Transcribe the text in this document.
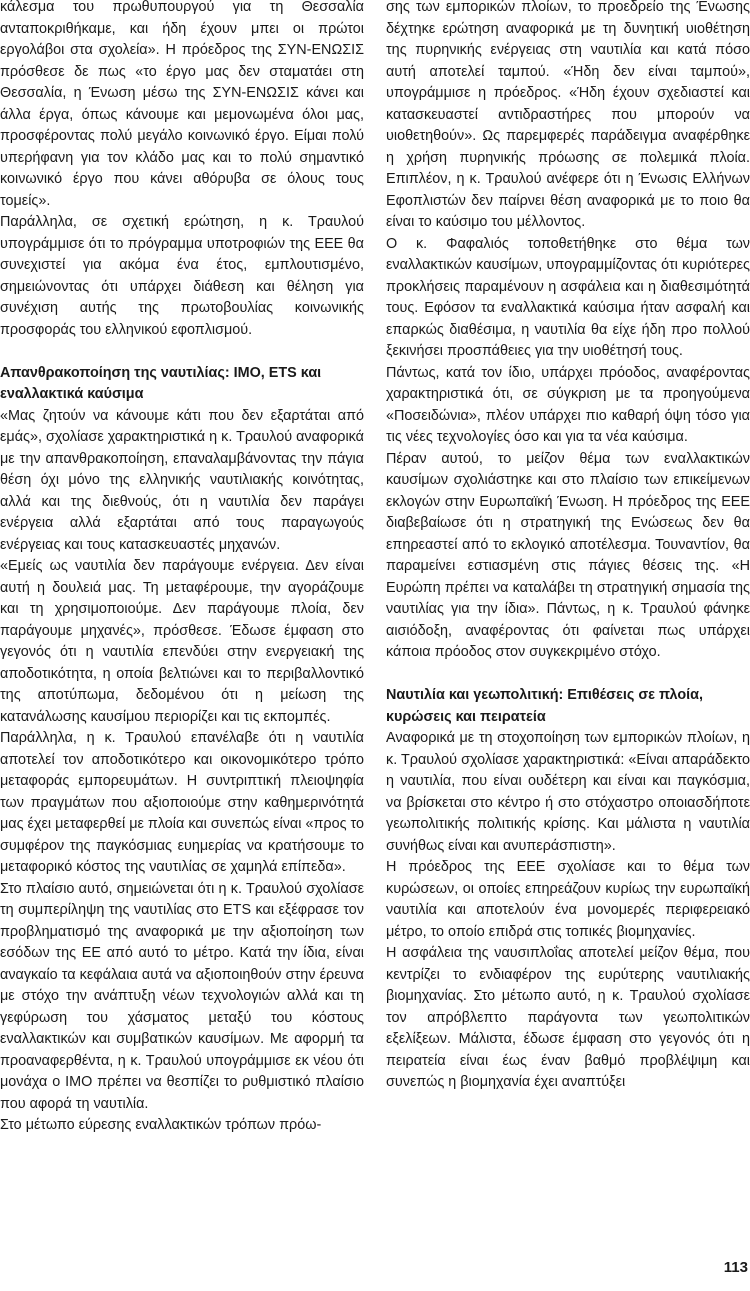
κάλεσμα του πρωθυπουργού για τη Θεσσαλία ανταποκριθήκαμε, και ήδη έχουν μπει οι πρώτοι εργολάβοι στα σχολεία». Η πρόεδρος της ΣΥΝ-ΕΝΩΣΙΣ πρόσθεσε δε πως «το έργο μας δεν σταματάει στη Θεσσαλία, η Ένωση μέσω της ΣΥΝ-ΕΝΩΣΙΣ κάνει και άλλα έργα, όπως κάνουμε και μεμονωμένα όλοι μας, προσφέροντας πολύ μεγάλο κοινωνικό έργο. Είμαι πολύ υπερήφανη για τον κλάδο μας και το πολύ σημαντικό κοινωνικό έργο που κάνει αθόρυβα σε όλους τους τομείς».

Παράλληλα, σε σχετική ερώτηση, η κ. Τραυλού υπογράμμισε ότι το πρόγραμμα υποτροφιών της ΕΕΕ θα συνεχιστεί για ακόμα ένα έτος, εμπλουτισμένο, σημειώνοντας ότι υπάρχει διάθεση και θέληση για συνέχιση αυτής της πρωτοβουλίας κοινωνικής προσφοράς του ελληνικού εφοπλισμού.

Απανθρακοποίηση της ναυτιλίας: IMO, ETS και εναλλακτικά καύσιμα

«Μας ζητούν να κάνουμε κάτι που δεν εξαρτάται από εμάς», σχολίασε χαρακτηριστικά η κ. Τραυλού αναφορικά με την απανθρακοποίηση, επαναλαμβάνοντας την πάγια θέση όχι μόνο της ελληνικής ναυτιλιακής κοινότητας, αλλά και της διεθνούς, ότι η ναυτιλία δεν παράγει ενέργεια αλλά εξαρτάται από τους παραγωγούς ενέργειας και τους κατασκευαστές μηχανών.

«Εμείς ως ναυτιλία δεν παράγουμε ενέργεια. Δεν είναι αυτή η δουλειά μας. Τη μεταφέρουμε, την αγοράζουμε και τη χρησιμοποιούμε. Δεν παράγουμε πλοία, δεν παράγουμε μηχανές», πρόσθεσε. Έδωσε έμφαση στο γεγονός ότι η ναυτιλία επενδύει στην ενεργειακή της αποδοτικότητα, η οποία βελτιώνει και το περιβαλλοντικό της αποτύπωμα, δεδομένου ότι η μείωση της κατανάλωσης καυσίμου περιορίζει και τις εκπομπές.

Παράλληλα, η κ. Τραυλού επανέλαβε ότι η ναυτιλία αποτελεί τον αποδοτικότερο και οικονομικότερο τρόπο μεταφοράς εμπορευμάτων. Η συντριπτική πλειοψηφία των πραγμάτων που αξιοποιούμε στην καθημερινότητά μας έχει μεταφερθεί με πλοία και συνεπώς είναι «προς το συμφέρον της παγκόσμιας ευημερίας να κρατήσουμε το μεταφορικό κόστος της ναυτιλίας σε χαμηλά επίπεδα».

Στο πλαίσιο αυτό, σημειώνεται ότι η κ. Τραυλού σχολίασε τη συμπερίληψη της ναυτιλίας στο ETS και εξέφρασε τον προβληματισμό της αναφορικά με την αξιοποίηση των εσόδων της ΕΕ από αυτό το μέτρο. Κατά την ίδια, είναι αναγκαίο τα κεφάλαια αυτά να αξιοποιηθούν στην έρευνα με στόχο την ανάπτυξη νέων τεχνολογιών αλλά και τη γεφύρωση του χάσματος μεταξύ του κόστους εναλλακτικών και συμβατικών καυσίμων. Με αφορμή τα προαναφερθέντα, η κ. Τραυλού υπογράμμισε εκ νέου ότι μονάχα ο ΙΜΟ πρέπει να θεσπίζει το ρυθμιστικό πλαίσιο που αφορά τη ναυτιλία.

Στο μέτωπο εύρεσης εναλλακτικών τρόπων πρόω-

σης των εμπορικών πλοίων, το προεδρείο της Ένωσης δέχτηκε ερώτηση αναφορικά με τη δυνητική υιοθέτηση της πυρηνικής ενέργειας στη ναυτιλία και κατά πόσο αυτή αποτελεί ταμπού. «Ήδη δεν είναι ταμπού», υπογράμμισε η πρόεδρος. «Ήδη έχουν σχεδιαστεί και κατασκευαστεί αντιδραστήρες που μπορούν να υιοθετηθούν». Ως παρεμφερές παράδειγμα αναφέρθηκε η χρήση πυρηνικής πρόωσης σε πολεμικά πλοία. Επιπλέον, η κ. Τραυλού ανέφερε ότι η Ένωσις Ελλήνων Εφοπλιστών δεν παίρνει θέση αναφορικά με το ποιο θα είναι το καύσιμο του μέλλοντος.

Ο κ. Φαφαλιός τοποθετήθηκε στο θέμα των εναλλακτικών καυσίμων, υπογραμμίζοντας ότι κυριότερες προκλήσεις παραμένουν η ασφάλεια και η διαθεσιμότητά τους. Εφόσον τα εναλλακτικά καύσιμα ήταν ασφαλή και επαρκώς διαθέσιμα, η ναυτιλία θα είχε ήδη προ πολλού ξεκινήσει προσπάθειες για την υιοθέτησή τους.

Πάντως, κατά τον ίδιο, υπάρχει πρόοδος, αναφέροντας χαρακτηριστικά ότι, σε σύγκριση με τα προηγούμενα «Ποσειδώνια», πλέον υπάρχει πιο καθαρή όψη τόσο για τις νέες τεχνολογίες όσο και για τα νέα καύσιμα.

Πέραν αυτού, το μείζον θέμα των εναλλακτικών καυσίμων σχολιάστηκε και στο πλαίσιο των επικείμενων εκλογών στην Ευρωπαϊκή Ένωση. Η πρόεδρος της ΕΕΕ διαβεβαίωσε ότι η στρατηγική της Ενώσεως δεν θα επηρεαστεί από το εκλογικό αποτέλεσμα. Τουναντίον, θα παραμείνει εστιασμένη στις πάγιες θέσεις της. «Η Ευρώπη πρέπει να καταλάβει τη στρατηγική σημασία της ναυτιλίας για την ίδια». Πάντως, η κ. Τραυλού φάνηκε αισιόδοξη, αναφέροντας ότι φαίνεται πως υπάρχει κάποια πρόοδος στον συγκεκριμένο στόχο.

Ναυτιλία και γεωπολιτική: Επιθέσεις σε πλοία, κυρώσεις και πειρατεία

Αναφορικά με τη στοχοποίηση των εμπορικών πλοίων, η κ. Τραυλού σχολίασε χαρακτηριστικά: «Είναι απαράδεκτο η ναυτιλία, που είναι ουδέτερη και είναι και παγκόσμια, να βρίσκεται στο κέντρο ή στο στόχαστρο οποιασδήποτε γεωπολιτικής πολιτικής κρίσης. Και μάλιστα η ναυτιλία συνήθως είναι και ανυπεράσπιστη».

Η πρόεδρος της ΕΕΕ σχολίασε και το θέμα των κυρώσεων, οι οποίες επηρεάζουν κυρίως την ευρωπαϊκή ναυτιλία και αποτελούν ένα μονομερές περιφερειακό μέτρο, το οποίο επιδρά στις τοπικές βιομηχανίες.

Η ασφάλεια της ναυσιπλοΐας αποτελεί μείζον θέμα, που κεντρίζει το ενδιαφέρον της ευρύτερης ναυτιλιακής βιομηχανίας. Στο μέτωπο αυτό, η κ. Τραυλού σχολίασε τον απρόβλεπτο παράγοντα των γεωπολιτικών εξελίξεων. Μάλιστα, έδωσε έμφαση στο γεγονός ότι η πειρατεία είναι έως έναν βαθμό προβλέψιμη και συνεπώς η βιομηχανία έχει αναπτύξει

113
